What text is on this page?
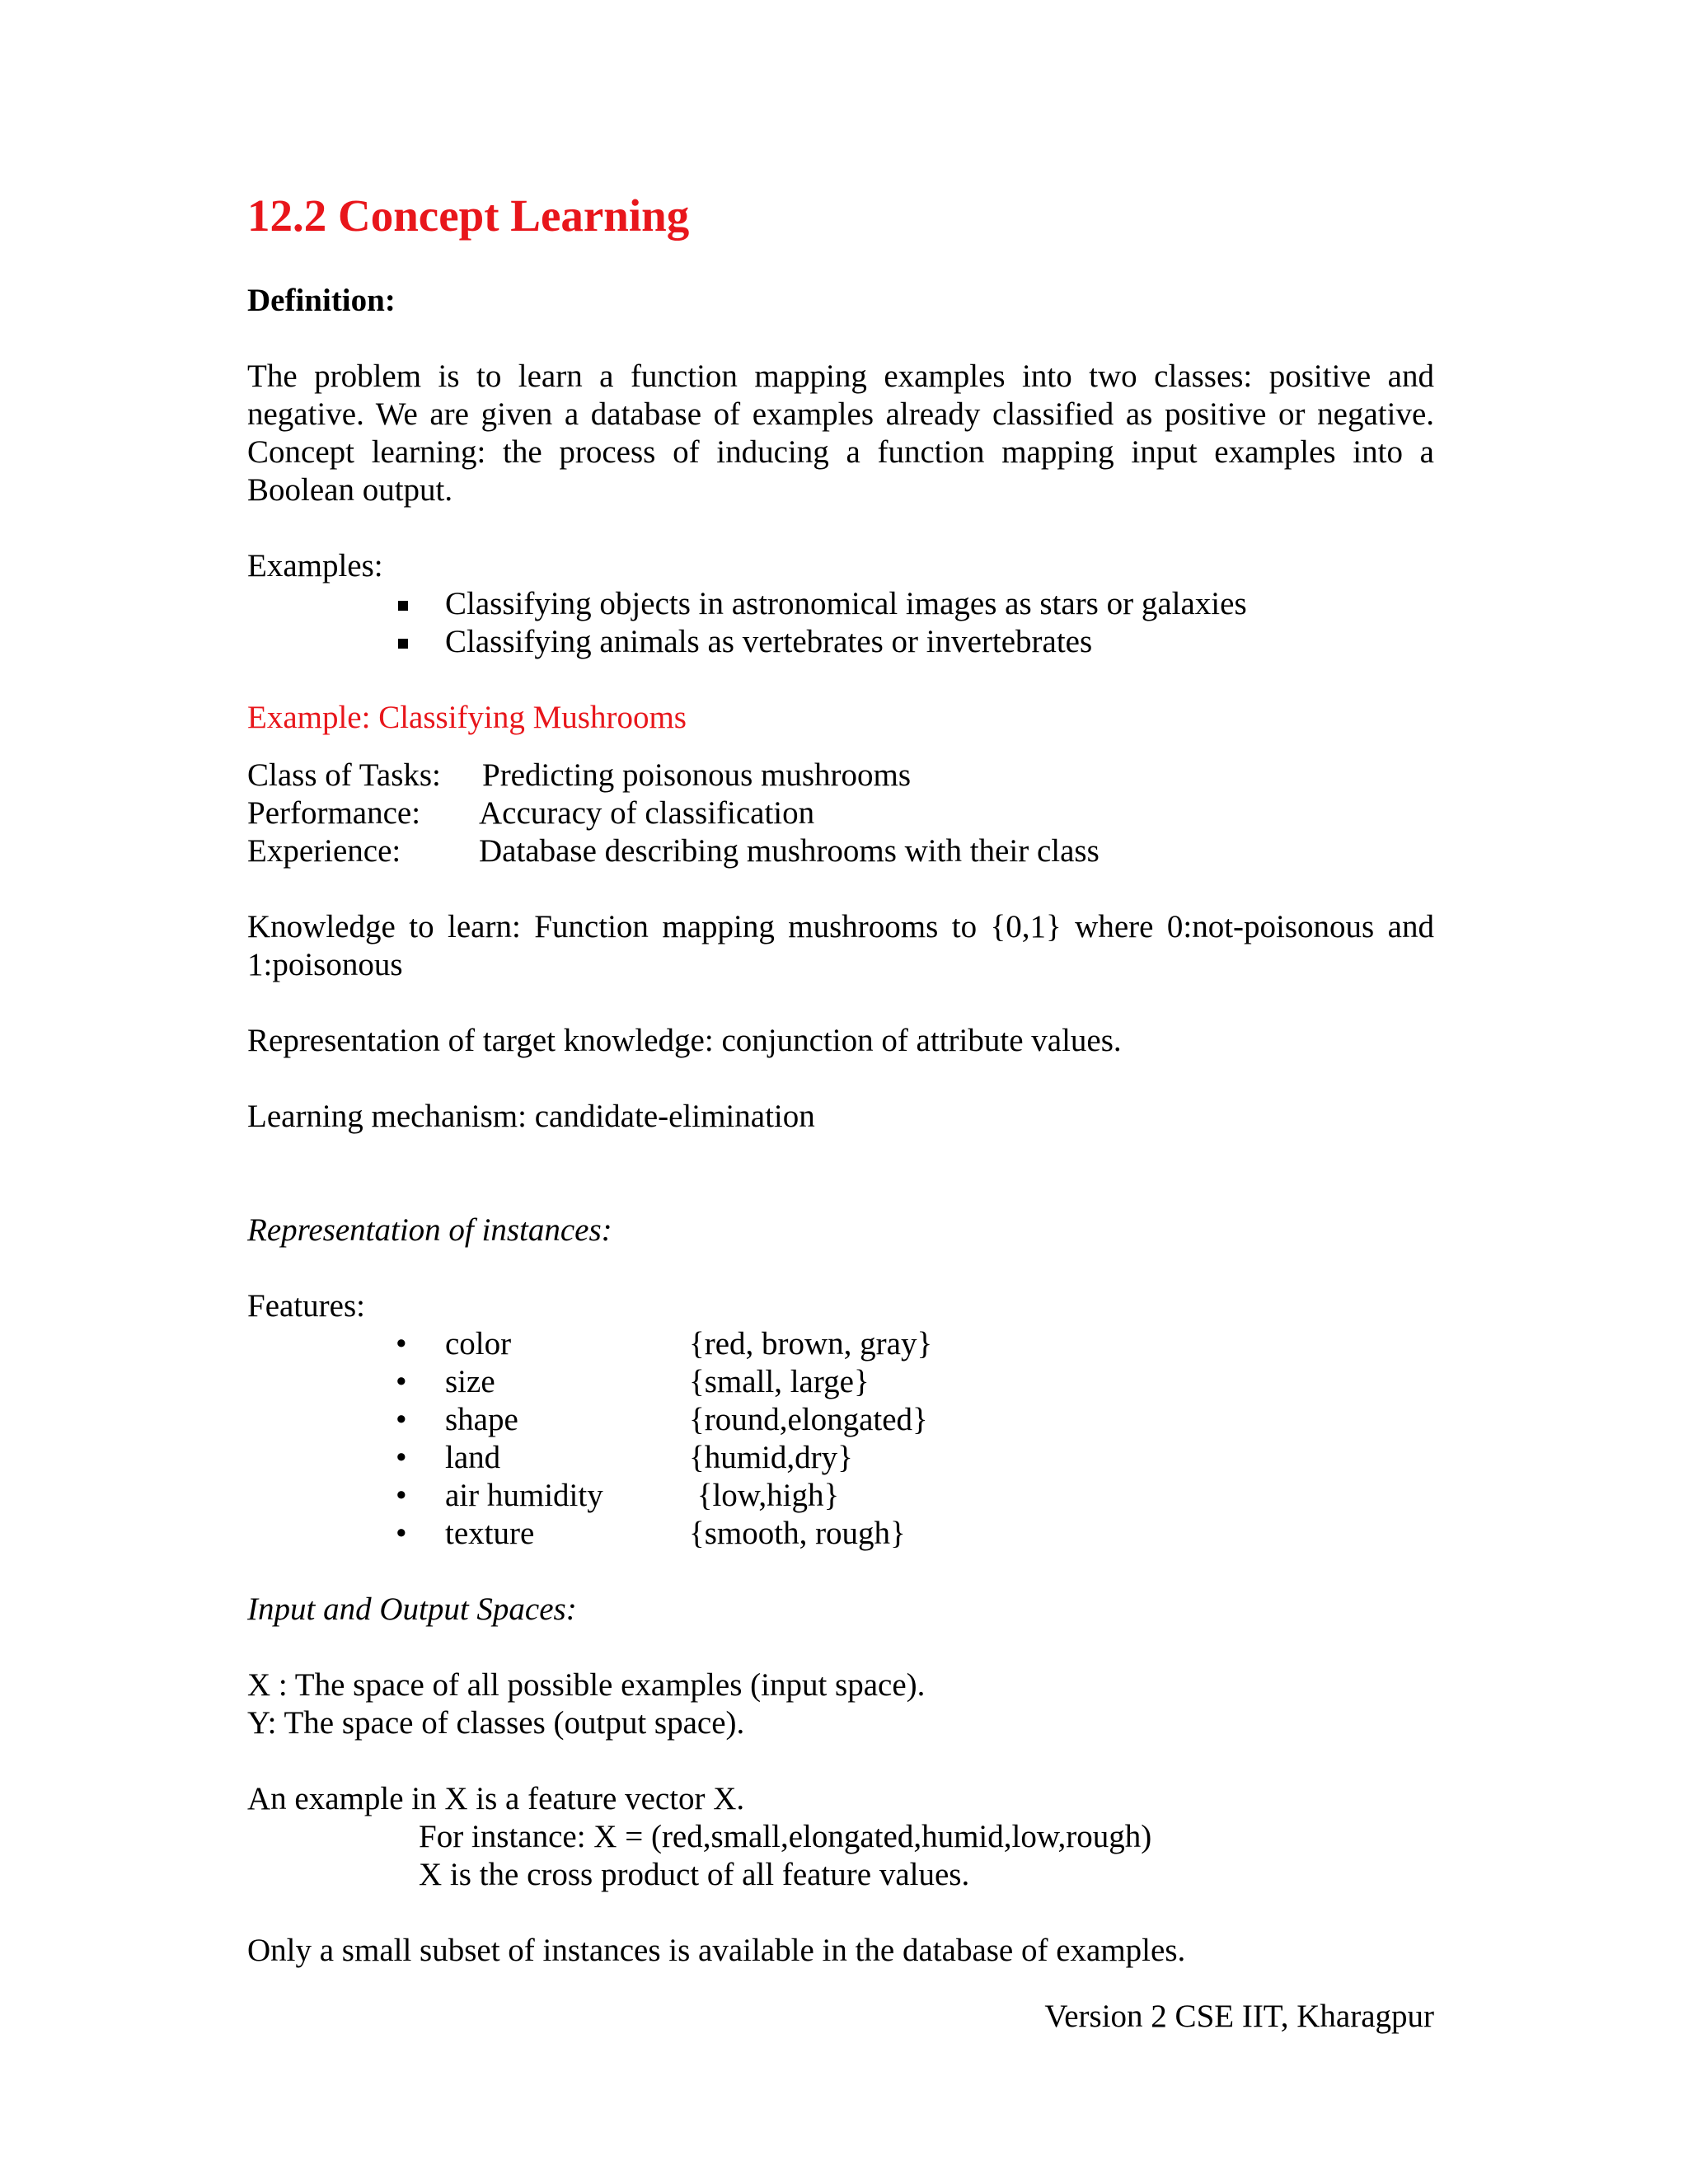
12.2 Concept Learning
Definition:
The problem is to learn a function mapping examples into two classes: positive and negative. We are given a database of examples already classified as positive or negative. Concept learning: the process of inducing a function mapping input examples into a Boolean output.
Examples:
Classifying objects in astronomical images as stars or galaxies
Classifying animals as vertebrates or invertebrates
Example: Classifying Mushrooms
Class of Tasks:	Predicting poisonous mushrooms
Performance:	Accuracy of classification
Experience:	Database describing mushrooms with their class
Knowledge to learn: Function mapping mushrooms to {0,1} where 0:not-poisonous and 1:poisonous
Representation of target knowledge: conjunction of attribute values.
Learning mechanism: candidate-elimination
Representation of instances:
Features:
• color	{red, brown, gray}
• size	{small, large}
• shape	{round,elongated}
• land	{humid,dry}
• air humidity	{low,high}
• texture	{smooth, rough}
Input and Output Spaces:
X : The space of all possible examples (input space).
Y: The space of classes (output space).
An example in X is a feature vector X.
For instance: X = (red,small,elongated,humid,low,rough)
X is the cross product of all feature values.
Only a small subset of instances is available in the database of examples.
Version 2 CSE IIT, Kharagpur
